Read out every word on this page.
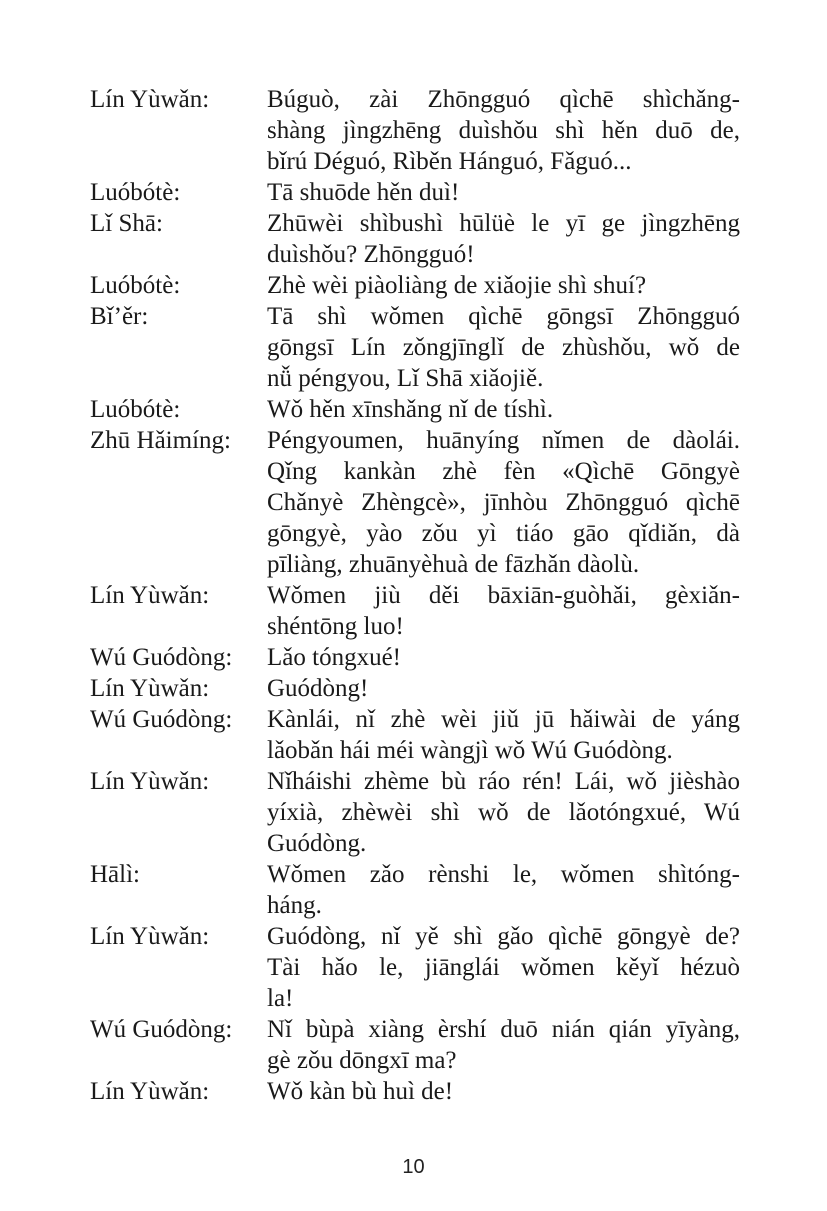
Lín Yùwǎn:	Búguò, zài Zhōngguó qìchē shìchǎng-
shàng jìngzhēng duìshǒu shì hěn duō de,
bǐrú Déguó, Rìběn Hánguó, Fǎguó...
Luóbótè:	Tā shuōde hěn duì!
Lǐ Shā:	Zhūwèi shìbushì hūlüè le yī ge jìngzhēng
duìshǒu? Zhōngguó!
Luóbótè:	Zhè wèi piàoliàng de xiǎojie shì shuí?
Bǐ’ěr:	Tā shì wǒmen qìchē gōngsī Zhōngguó
gōngsī Lín zǒngjīnglǐ de zhùshǒu, wǒ de
nǚ péngyou, Lǐ Shā xiǎojiě.
Luóbótè:	Wǒ hěn xīnshǎng nǐ de tíshì.
Zhū Hǎimíng:	Péngyoumen, huānyíng nǐmen de dàolái.
Qǐng kankàn zhè fèn «Qìchē Gōngyè
Chǎnyè Zhèngcè», jīnhòu Zhōngguó qìchē
gōngyè, yào zǒu yì tiáo gāo qǐdiǎn, dà
pīliàng, zhuānyèhuà de fāzhǎn dàolù.
Lín Yùwǎn:	Wǒmen jiù děi bāxiān-guòhǎi, gèxiǎn-
shéntōng luo!
Wú Guódòng:	Lǎo tóngxué!
Lín Yùwǎn:	Guódòng!
Wú Guódòng:	Kànlái, nǐ zhè wèi jiǔ jū hǎiwài de yáng
lǎobǎn hái méi wàngjì wǒ Wú Guódòng.
Lín Yùwǎn:	Nǐháishi zhème bù ráo rén! Lái, wǒ jièshào
yíxià, zhèwèi shì wǒ de lǎotóngxué, Wú
Guódòng.
Hālì:	Wǒmen zǎo rènshi le, wǒmen shìtóng-
háng.
Lín Yùwǎn:	Guódòng, nǐ yě shì gǎo qìchē gōngyè de?
Tài hǎo le, jiānglái wǒmen kěyǐ hézuò
la!
Wú Guódòng:	Nǐ bùpà xiàng èrshí duō nián qián yīyàng,
gè zǒu dōngxī ma?
Lín Yùwǎn:	Wǒ kàn bù huì de!
10
